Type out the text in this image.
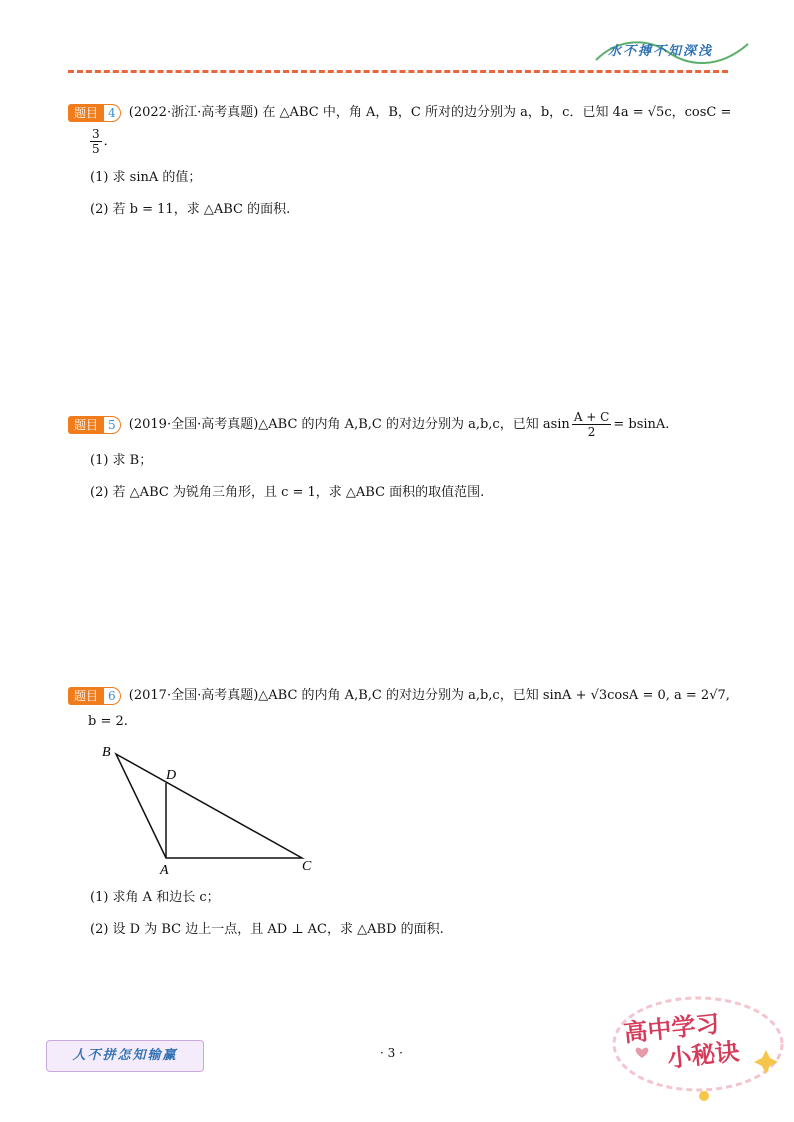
水不搏不知深浅
题目 4	(2022·浙江·高考真题) 在 △ABC 中，角 A，B，C 所对的边分别为 a，b，c．已知 4a = √5c，cosC =
$\frac{3}{5}$ ．
(1) 求 sinA 的值；
(2) 若 b = 11，求 △ABC 的面积.
题目 5	(2019·全国·高考真题)△ABC 的内角 A,B,C 的对边分别为 a,b,c，已知 asin $\frac{A + C}{2} = bsinA$.
(1) 求 B；
(2) 若 △ABC 为锐角三角形，且 c = 1，求 △ABC 面积的取值范围.
题目 6	(2017·全国·高考真题)△ABC 的内角 A,B,C 的对边分别为 a,b,c，已知 sinA + √3cosA = 0, a = 2√7,
b = 2.
B
D
A	C
(1) 求角 A 和边长 c；
(2) 设 D 为 BC 边上一点，且 AD ⊥ AC，求 △ABD 的面积.
人不拼怎知输赢	· 3 ·
高中学习
小秘诀
